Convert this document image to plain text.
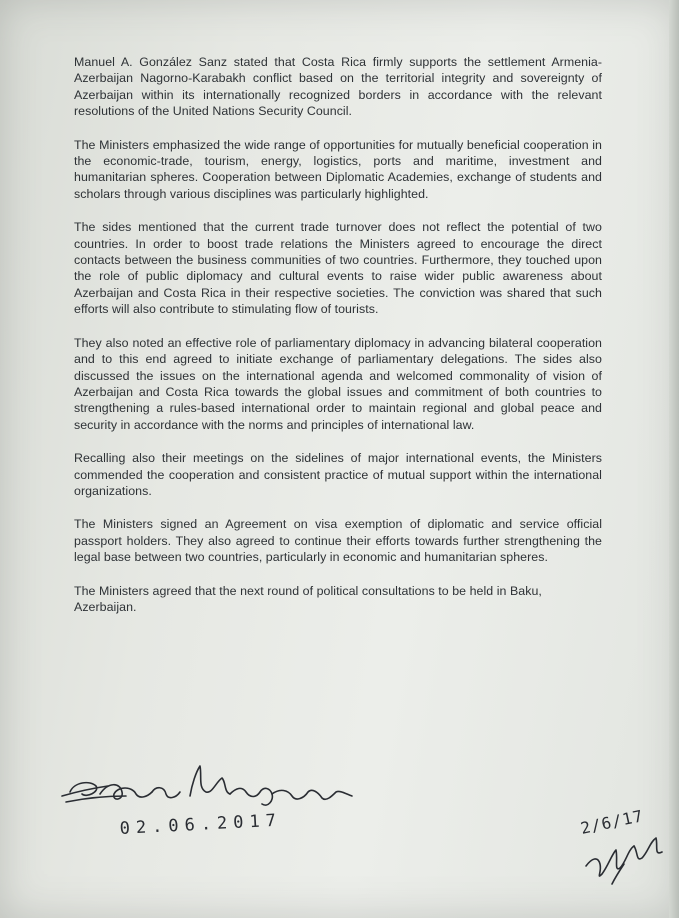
Manuel A. González Sanz stated that Costa Rica firmly supports the settlement Armenia-Azerbaijan Nagorno-Karabakh conflict based on the territorial integrity and sovereignty of Azerbaijan within its internationally recognized borders in accordance with the relevant resolutions of the United Nations Security Council.

The Ministers emphasized the wide range of opportunities for mutually beneficial cooperation in the economic-trade, tourism, energy, logistics, ports and maritime, investment and humanitarian spheres. Cooperation between Diplomatic Academies, exchange of students and scholars through various disciplines was particularly highlighted.

The sides mentioned that the current trade turnover does not reflect the potential of two countries. In order to boost trade relations the Ministers agreed to encourage the direct contacts between the business communities of two countries. Furthermore, they touched upon the role of public diplomacy and cultural events to raise wider public awareness about Azerbaijan and Costa Rica in their respective societies. The conviction was shared that such efforts will also contribute to stimulating flow of tourists.

They also noted an effective role of parliamentary diplomacy in advancing bilateral cooperation and to this end agreed to initiate exchange of parliamentary delegations. The sides also discussed the issues on the international agenda and welcomed commonality of vision of Azerbaijan and Costa Rica towards the global issues and commitment of both countries to strengthening a rules-based international order to maintain regional and global peace and security in accordance with the norms and principles of international law.

Recalling also their meetings on the sidelines of major international events, the Ministers commended the cooperation and consistent practice of mutual support within the international organizations.

The Ministers signed an Agreement on visa exemption of diplomatic and service official passport holders. They also agreed to continue their efforts towards further strengthening the legal base between two countries, particularly in economic and humanitarian spheres.

The Ministers agreed that the next round of political consultations to be held in Baku, Azerbaijan.

02.06.2017	2/6/17
